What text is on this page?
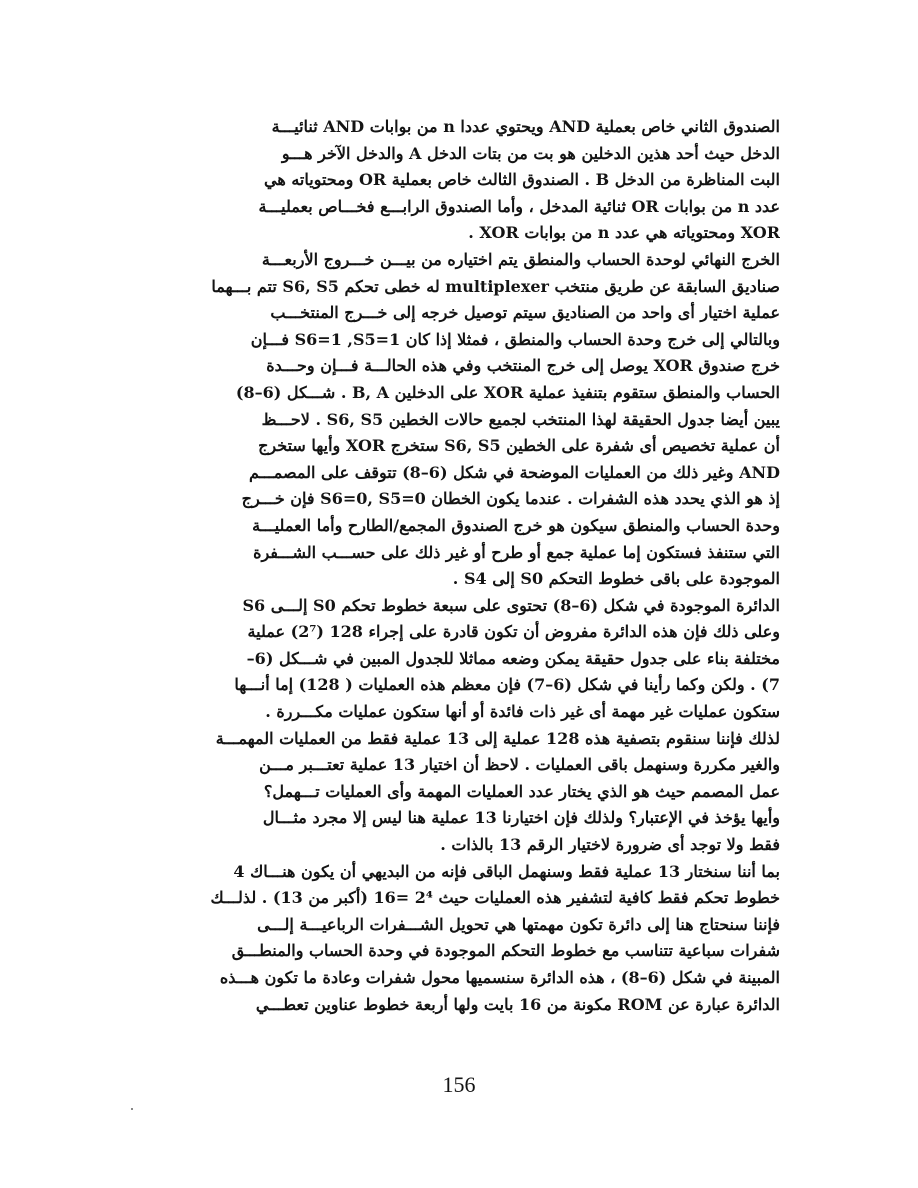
الصندوق الثاني خاص بعملية AND ويحتوي عددا n من بوابات AND ثنائيـــة
الدخل حيث أحد هذين الدخلين هو بت من بتات الدخل A والدخل الآخر هـــو
البت المناظرة من الدخل B . الصندوق الثالث خاص بعملية OR ومحتوياته هي
عدد n من بوابات OR ثنائية المدخل ، وأما الصندوق الرابـــع فخـــاص بعمليـــة
XOR ومحتوياته هي عدد n من بوابات XOR .
الخرج النهائي لوحدة الحساب والمنطق يتم اختياره من بيـــن خـــروج الأربعـــة
صناديق السابقة عن طريق منتخب multiplexer له خطى تحكم S6, S5 تتم بـــهما
عملية اختيار أى واحد من الصناديق سيتم توصيل خرجه إلى خـــرج المنتخـــب
وبالتالي إلى خرج وحدة الحساب والمنطق ، فمثلا إذا كان S6=1 ,S5=1 فـــإن
خرج صندوق XOR يوصل إلى خرج المنتخب وفي هذه الحالـــة فـــإن وحـــدة
الحساب والمنطق ستقوم بتنفيذ عملية XOR على الدخلين B, A . شـــكل (6–8)
يبين أيضا جدول الحقيقة لهذا المنتخب لجميع حالات الخطين S6, S5 . لاحـــظ
أن عملية تخصيص أى شفرة على الخطين S6, S5 ستخرج XOR وأيها ستخرج
AND وغير ذلك من العمليات الموضحة في شكل (6–8) تتوقف على المصمـــم
إذ هو الذي يحدد هذه الشفرات . عندما يكون الخطان S6=0, S5=0 فإن خـــرج
وحدة الحساب والمنطق سيكون هو خرج الصندوق المجمع/الطارح وأما العمليـــة
التي ستنفذ فستكون إما عملية جمع أو طرح أو غير ذلك على حســـب الشـــفرة
الموجودة على باقى خطوط التحكم S0 إلى S4 .
الدائرة الموجودة في شكل (6–8) تحتوى على سبعة خطوط تحكم S0 إلـــى S6
وعلى ذلك فإن هذه الدائرة مفروض أن تكون قادرة على إجراء 128 (2⁷) عملية
مختلفة بناء على جدول حقيقة يمكن وضعه مماثلا للجدول المبين في شـــكل (6–
7) . ولكن وكما رأينا في شكل (6–7) فإن معظم هذه العمليات ( 128) إما أنـــها
ستكون عمليات غير مهمة أى غير ذات فائدة أو أنها ستكون عمليات مكـــررة .
لذلك فإننا سنقوم بتصفية هذه 128 عملية إلى 13 عملية فقط من العمليات المهمـــة
والغير مكررة وسنهمل باقى العمليات . لاحظ أن اختيار 13 عملية تعتـــبر مـــن
عمل المصمم حيث هو الذي يختار عدد العمليات المهمة وأى العمليات تـــهمل؟
وأيها يؤخذ في الإعتبار؟ ولذلك فإن اختيارنا 13 عملية هنا ليس إلا مجرد مثـــال
فقط ولا توجد أى ضرورة لاختيار الرقم 13 بالذات .
بما أننا سنختار 13 عملية فقط وسنهمل الباقى فإنه من البديهي أن يكون هنـــاك 4
خطوط تحكم فقط كافية لتشفير هذه العمليات حيث 2⁴ =16 (أكبر من 13) . لذلـــك
فإننا سنحتاج هنا إلى دائرة تكون مهمتها هي تحويل الشـــفرات الرباعيـــة إلـــى
شفرات سباعية تتناسب مع خطوط التحكم الموجودة في وحدة الحساب والمنطـــق
المبينة في شكل (6–8) ، هذه الدائرة سنسميها محول شفرات وعادة ما تكون هـــذه
الدائرة عبارة عن ROM مكونة من 16 بايت ولها أربعة خطوط عناوين تعطـــي
156
